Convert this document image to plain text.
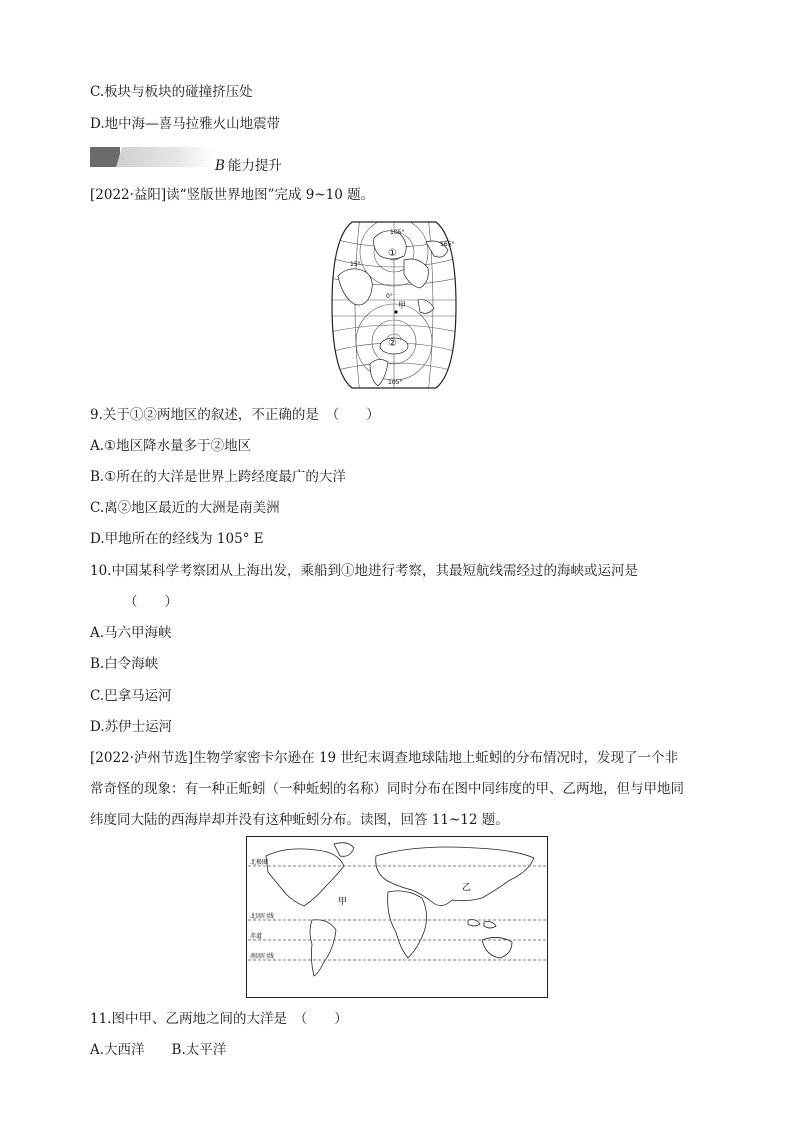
C.板块与板块的碰撞挤压处
D.地中海—喜马拉雅火山地震带
B 能力提升
[2022·益阳]读“竖版世界地图”完成 9~10 题。
105°
15°
165°
0°
甲
105°
①
②
9.关于①②两地区的叙述，不正确的是　（　　）
A.①地区降水量多于②地区
B.①所在的大洋是世界上跨经度最广的大洋
C.离②地区最近的大洲是南美洲
D.甲地所在的经线为 105° E
10.中国某科学考察团从上海出发，乘船到①地进行考察，其最短航线需经过的海峡或运河是
（　　）
A.马六甲海峡
B.白令海峡
C.巴拿马运河
D.苏伊士运河
[2022·泸州节选]生物学家密卡尔逊在 19 世纪末调查地球陆地上蚯蚓的分布情况时，发现了一个非
常奇怪的现象：有一种正蚯蚓（一种蚯蚓的名称）同时分布在图中同纬度的甲、乙两地，但与甲地同
纬度同大陆的西海岸却并没有这种蚯蚓分布。读图，回答 11~12 题。
北极圈
北回归线
赤道
南回归线
甲
乙
11.图中甲、乙两地之间的大洋是　（　　）
A.大西洋　　B.太平洋
